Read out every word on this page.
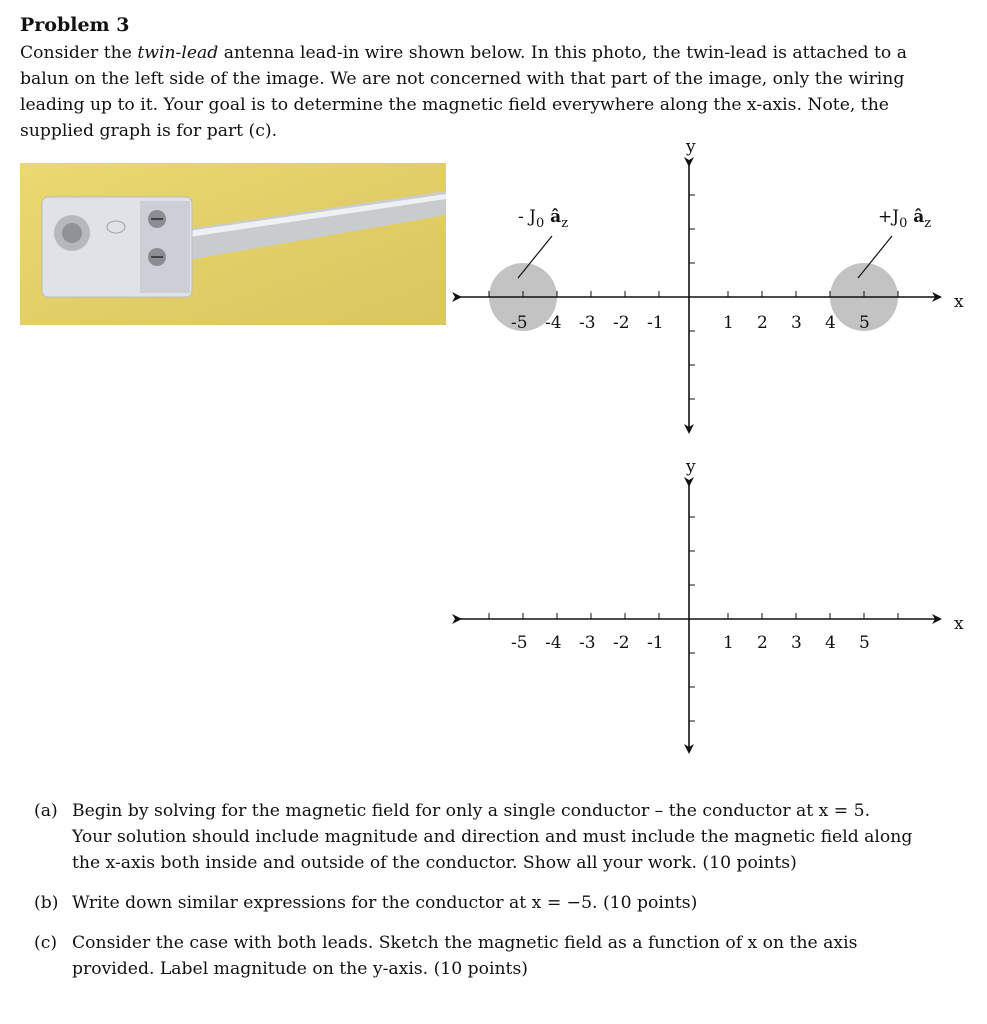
Problem 3
Consider the twin-lead antenna lead-in wire shown below. In this photo, the twin-lead is attached to a balun on the left side of the image. We are not concerned with that part of the image, only the wiring leading up to it. Your goal is to determine the magnetic field everywhere along the x-axis. Note, the supplied graph is for part (c).
y
x
-5 -4 -3 -2 -1	1 2 3 4 5
- $J_0$ $â_z$	$+J_0$ $â_z$
y
x
-5 -4 -3 -2 -1	1 2 3 4 5
(a) Begin by solving for the magnetic field for only a single conductor – the conductor at x = 5. Your solution should include magnitude and direction and must include the magnetic field along the x-axis both inside and outside of the conductor. Show all your work. (10 points)
(b) Write down similar expressions for the conductor at x = −5. (10 points)
(c) Consider the case with both leads. Sketch the magnetic field as a function of x on the axis provided. Label magnitude on the y-axis. (10 points)
